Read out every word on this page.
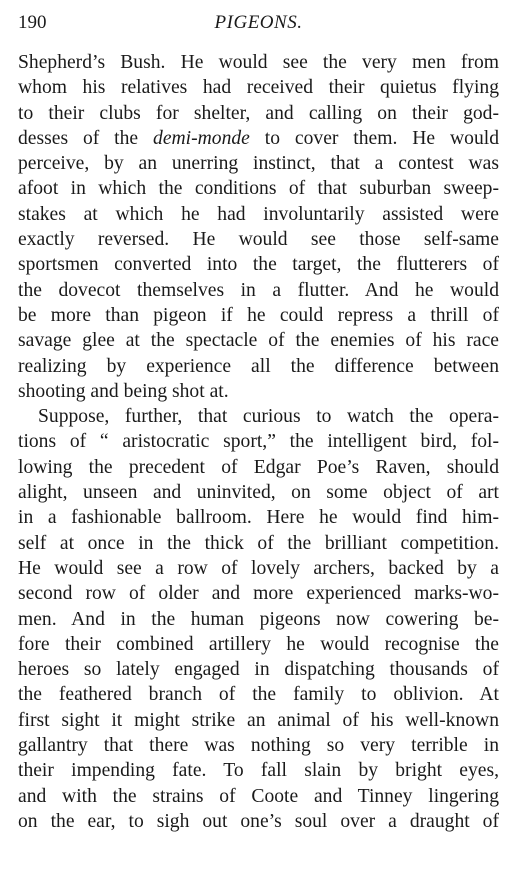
190	PIGEONS.
Shepherd’s Bush. He would see the very men from
whom his relatives had received their quietus flying
to their clubs for shelter, and calling on their god-
desses of the demi-monde to cover them. He would
perceive, by an unerring instinct, that a contest was
afoot in which the conditions of that suburban sweep-
stakes at which he had involuntarily assisted were
exactly reversed. He would see those self-same
sportsmen converted into the target, the flutterers of
the dovecot themselves in a flutter. And he would
be more than pigeon if he could repress a thrill of
savage glee at the spectacle of the enemies of his race
realizing by experience all the difference between
shooting and being shot at.
Suppose, further, that curious to watch the opera-
tions of “ aristocratic sport,” the intelligent bird, fol-
lowing the precedent of Edgar Poe’s Raven, should
alight, unseen and uninvited, on some object of art
in a fashionable ballroom. Here he would find him-
self at once in the thick of the brilliant competition.
He would see a row of lovely archers, backed by a
second row of older and more experienced marks-wo-
men. And in the human pigeons now cowering be-
fore their combined artillery he would recognise the
heroes so lately engaged in dispatching thousands of
the feathered branch of the family to oblivion. At
first sight it might strike an animal of his well-known
gallantry that there was nothing so very terrible in
their impending fate. To fall slain by bright eyes,
and with the strains of Coote and Tinney lingering
on the ear, to sigh out one’s soul over a draught of
